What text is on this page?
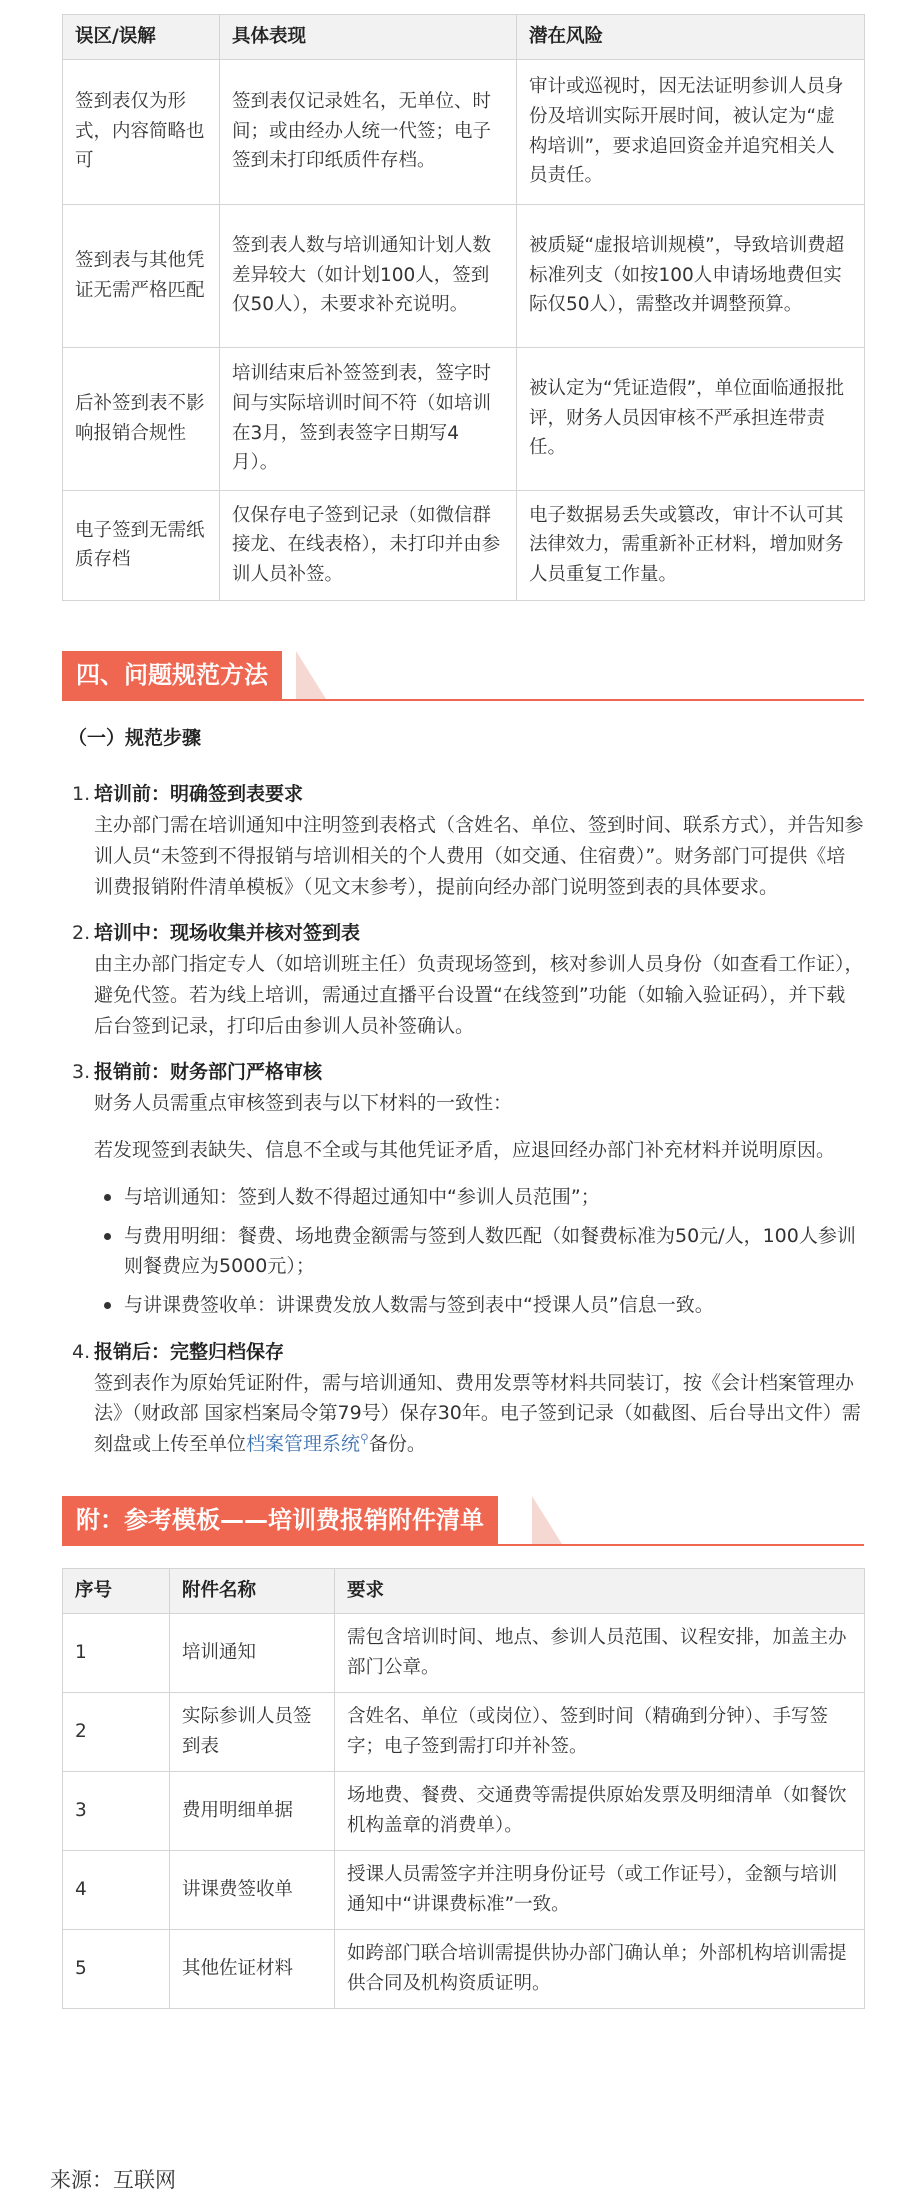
误区/误解	具体表现	潜在风险
签到表仅为形式，内容简略也可	签到表仅记录姓名，无单位、时间；或由经办人统一代签；电子签到未打印纸质件存档。	审计或巡视时，因无法证明参训人员身份及培训实际开展时间，被认定为“虚构培训”，要求追回资金并追究相关人员责任。
签到表与其他凭证无需严格匹配	签到表人数与培训通知计划人数差异较大（如计划100人，签到仅50人），未要求补充说明。	被质疑“虚报培训规模”，导致培训费超标准列支（如按100人申请场地费但实际仅50人），需整改并调整预算。
后补签到表不影响报销合规性	培训结束后补签签到表，签字时间与实际培训时间不符（如培训在3月，签到表签字日期写4月）。	被认定为“凭证造假”，单位面临通报批评，财务人员因审核不严承担连带责任。
电子签到无需纸质存档	仅保存电子签到记录（如微信群接龙、在线表格），未打印并由参训人员补签。	电子数据易丢失或篡改，审计不认可其法律效力，需重新补正材料，增加财务人员重复工作量。
四、问题规范方法
（一）规范步骤
1. 培训前：明确签到表要求
主办部门需在培训通知中注明签到表格式（含姓名、单位、签到时间、联系方式），并告知参训人员“未签到不得报销与培训相关的个人费用（如交通、住宿费）”。财务部门可提供《培训费报销附件清单模板》（见文末参考），提前向经办部门说明签到表的具体要求。
2. 培训中：现场收集并核对签到表
由主办部门指定专人（如培训班主任）负责现场签到，核对参训人员身份（如查看工作证），避免代签。若为线上培训，需通过直播平台设置“在线签到”功能（如输入验证码），并下载后台签到记录，打印后由参训人员补签确认。
3. 报销前：财务部门严格审核
财务人员需重点审核签到表与以下材料的一致性：
若发现签到表缺失、信息不全或与其他凭证矛盾，应退回经办部门补充材料并说明原因。
与培训通知：签到人数不得超过通知中“参训人员范围”；
与费用明细：餐费、场地费金额需与签到人数匹配（如餐费标准为50元/人，100人参训则餐费应为5000元）；
与讲课费签收单：讲课费发放人数需与签到表中“授课人员”信息一致。
4. 报销后：完整归档保存
签到表作为原始凭证附件，需与培训通知、费用发票等材料共同装订，按《会计档案管理办法》（财政部 国家档案局令第79号）保存30年。电子签到记录（如截图、后台导出文件）需刻盘或上传至单位档案管理系统⚲备份。
附：参考模板——培训费报销附件清单
序号	附件名称	要求
1	培训通知	需包含培训时间、地点、参训人员范围、议程安排，加盖主办部门公章。
2	实际参训人员签到表	含姓名、单位（或岗位）、签到时间（精确到分钟）、手写签字；电子签到需打印并补签。
3	费用明细单据	场地费、餐费、交通费等需提供原始发票及明细清单（如餐饮机构盖章的消费单）。
4	讲课费签收单	授课人员需签字并注明身份证号（或工作证号），金额与培训通知中“讲课费标准”一致。
5	其他佐证材料	如跨部门联合培训需提供协办部门确认单；外部机构培训需提供合同及机构资质证明。
来源：互联网
